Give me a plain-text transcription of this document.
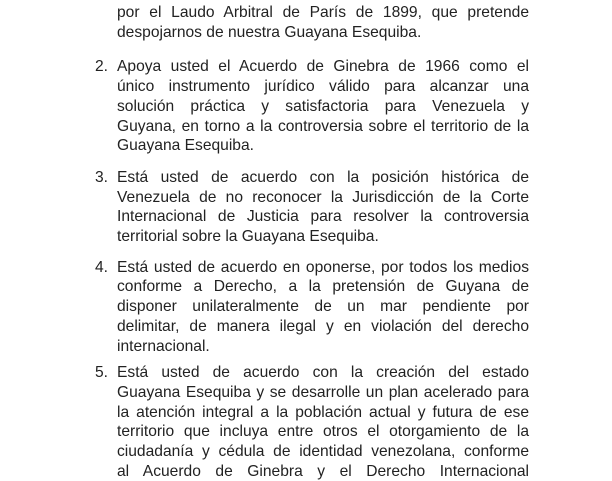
por el Laudo Arbitral de París de 1899, que pretende
despojarnos de nuestra Guayana Esequiba.
2. Apoya usted el Acuerdo de Ginebra de 1966 como el
único instrumento jurídico válido para alcanzar una
solución práctica y satisfactoria para Venezuela y
Guyana, en torno a la controversia sobre el territorio de la
Guayana Esequiba.
3. Está usted de acuerdo con la posición histórica de
Venezuela de no reconocer la Jurisdicción de la Corte
Internacional de Justicia para resolver la controversia
territorial sobre la Guayana Esequiba.
4. Está usted de acuerdo en oponerse, por todos los medios
conforme a Derecho, a la pretensión de Guyana de
disponer unilateralmente de un mar pendiente por
delimitar, de manera ilegal y en violación del derecho
internacional.
5. Está usted de acuerdo con la creación del estado
Guayana Esequiba y se desarrolle un plan acelerado para
la atención integral a la población actual y futura de ese
territorio que incluya entre otros el otorgamiento de la
ciudadanía y cédula de identidad venezolana, conforme
al Acuerdo de Ginebra y el Derecho Internacional
